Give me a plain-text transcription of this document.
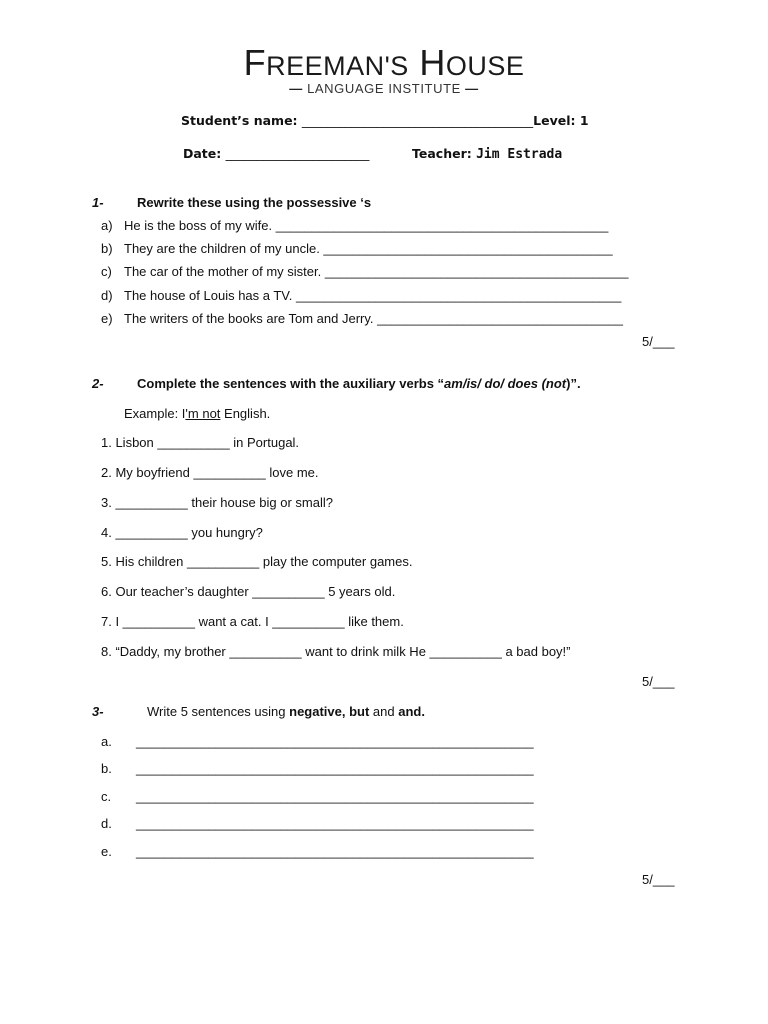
FREEMAN'S HOUSE
— LANGUAGE INSTITUTE —
Student’s name: _____________________________________Level: 1
Date: _______________________	Teacher: Jim Estrada
1-	Rewrite these using the possessive ‘s
a) He is the boss of my wife. ______________________________________________
b) They are the children of my uncle. ________________________________________
c) The car of the mother of my sister. __________________________________________
d) The house of Louis has a TV. _____________________________________________
e) The writers of the books are Tom and Jerry. __________________________________
5/___
2-	Complete the sentences with the auxiliary verbs “am/is/ do/ does (not)”.
Example: I'm not English.
1. Lisbon __________ in Portugal.
2. My boyfriend __________ love me.
3. __________ their house big or small?
4. __________ you hungry?
5. His children __________ play the computer games.
6. Our teacher’s daughter __________ 5 years old.
7. I __________ want a cat. I __________ like them.
8. “Daddy, my brother __________ want to drink milk He __________ a bad boy!”
5/___
3-	Write 5 sentences using negative, but and and.
a. _______________________________________________________
b. _______________________________________________________
c. _______________________________________________________
d. _______________________________________________________
e. _______________________________________________________
5/___
